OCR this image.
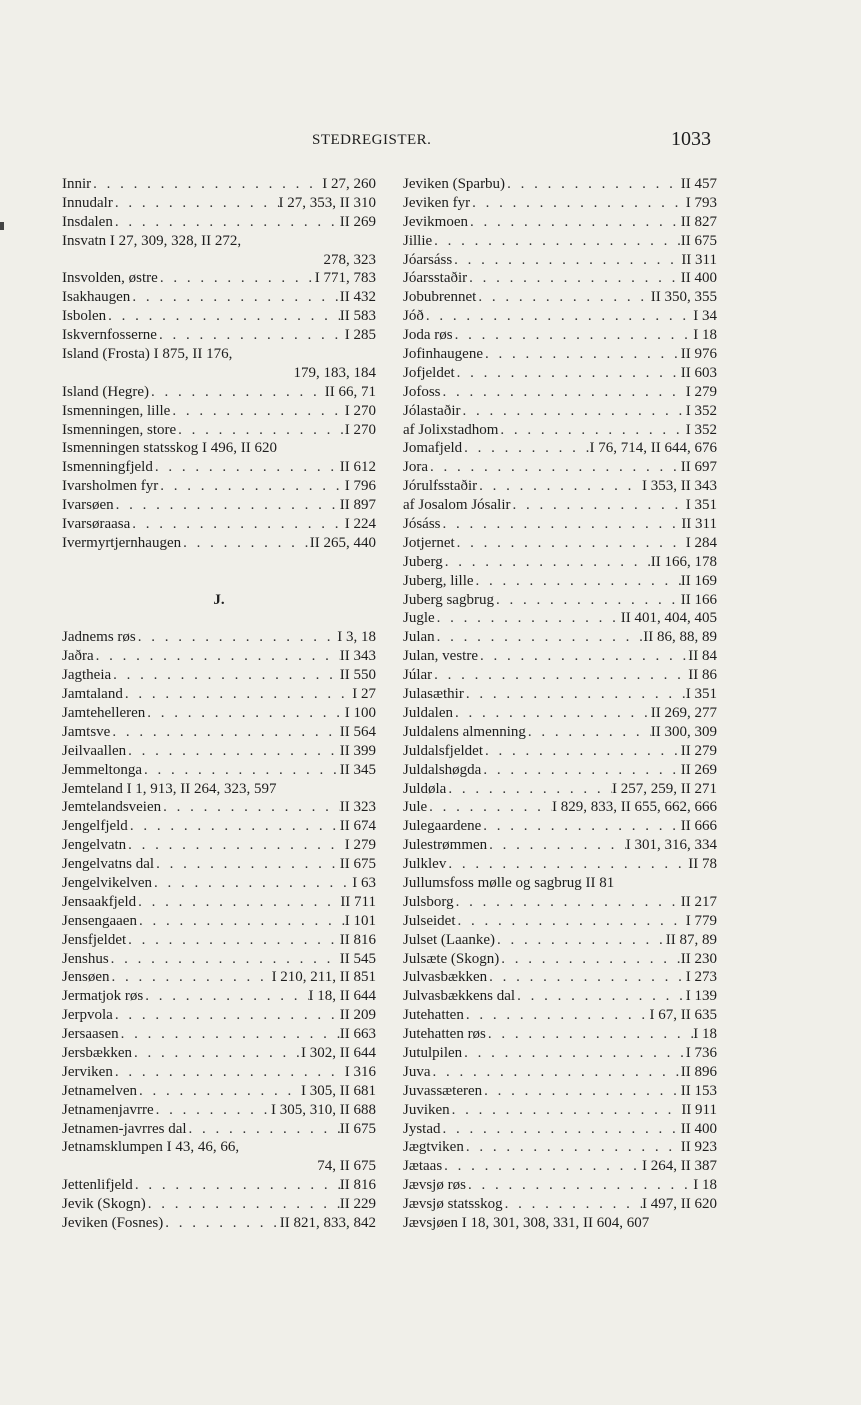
STEDREGISTER.	1033
Innir . . .	I 27, 260
Innudalr . . .	I 27, 353, II 310
Insdalen . . .	II 269
Insvatn I 27, 309, 328, II 272,
278, 323
Insvolden, østre . . .	I 771, 783
Isakhaugen . . .	II 432
Isbolen . . .	II 583
Iskvernfosserne . . .	I 285
Island (Frosta) I 875, II 176,
179, 183, 184
Island (Hegre) . . .	II 66, 71
Ismenningen, lille . . .	I 270
Ismenningen, store . . .	I 270
Ismenningen statsskog I 496, II 620
Ismenningfjeld . . .	II 612
Ivarsholmen fyr . . .	I 796
Ivarsøen . . .	II 897
Ivarsøraasa . . .	I 224
Ivermyrtjernhaugen . . .	II 265, 440
J.
Jadnems røs . . .	I 3, 18
Jaðra . . .	II 343
Jagtheia . . .	II 550
Jamtaland . . .	I 27
Jamtehelleren . . .	I 100
Jamtsve . . .	II 564
Jeilvaallen . . .	II 399
Jemmeltonga . . .	II 345
Jemteland I 1, 913, II 264, 323, 597
Jemtelandsveien . . .	II 323
Jengelfjeld . . .	II 674
Jengelvatn . . .	I 279
Jengelvatns dal . . .	II 675
Jengelvikelven . . .	I 63
Jensaakfjeld . . .	II 711
Jensengaaen . . .	I 101
Jensfjeldet . . .	II 816
Jenshus . . .	II 545
Jensøen . . .	I 210, 211, II 851
Jermatjok røs . . .	I 18, II 644
Jerpvola . . .	II 209
Jersaasen . . .	II 663
Jersbækken . . .	I 302, II 644
Jerviken . . .	I 316
Jetnamelven . . .	I 305, II 681
Jetnamenjavrre . . .	I 305, 310, II 688
Jetnamen-javrres dal . . .	II 675
Jetnamsklumpen I 43, 46, 66,
74, II 675
Jettenlifjeld . . .	II 816
Jevik (Skogn) . . .	II 229
Jeviken (Fosnes) . . .	II 821, 833, 842
Jeviken (Sparbu) . . .	II 457
Jeviken fyr . . .	I 793
Jevikmoen . . .	II 827
Jillie . . .	II 675
Jóarsáss . . .	II 311
Jóarsstaðir . . .	II 400
Jobubrennet . . .	II 350, 355
Jóð . . .	I 34
Joda røs . . .	I 18
Jofinhaugene . . .	II 976
Jofjeldet . . .	II 603
Jofoss . . .	I 279
Jólastaðir . . .	I 352
af Jolixstadhom . . .	I 352
Jomafjeld . . .	I 76, 714, II 644, 676
Jora . . .	II 697
Jórulfsstaðir . . .	I 353, II 343
af Josalom Jósalir . . .	I 351
Jósáss . . .	II 311
Jotjernet . . .	I 284
Juberg . . .	II 166, 178
Juberg, lille . . .	II 169
Juberg sagbrug . . .	II 166
Jugle . . .	II 401, 404, 405
Julan . . .	II 86, 88, 89
Julan, vestre . . .	II 84
Júlar . . .	II 86
Julasæthir . . .	I 351
Juldalen . . .	II 269, 277
Juldalens almenning . . .	II 300, 309
Juldalsfjeldet . . .	II 279
Juldalshøgda . . .	II 269
Juldøla . . .	I 257, 259, II 271
Jule . . .	I 829, 833, II 655, 662, 666
Julegaardene . . .	II 666
Julestrømmen . . .	I 301, 316, 334
Julklev . . .	II 78
Jullumsfoss mølle og sagbrug II 81
Julsborg . . .	II 217
Julseidet . . .	I 779
Julset (Laanke) . . .	II 87, 89
Julsæte (Skogn) . . .	II 230
Julvasbækken . . .	I 273
Julvasbækkens dal . . .	I 139
Jutehatten . . .	I 67, II 635
Jutehatten røs . . .	I 18
Jutulpilen . . .	I 736
Juva . . .	II 896
Juvassæteren . . .	II 153
Juviken . . .	II 911
Jystad . . .	II 400
Jægtviken . . .	II 923
Jætaas . . .	I 264, II 387
Jævsjø røs . . .	I 18
Jævsjø statsskog . . .	I 497, II 620
Jævsjøen I 18, 301, 308, 331, II 604, 607
